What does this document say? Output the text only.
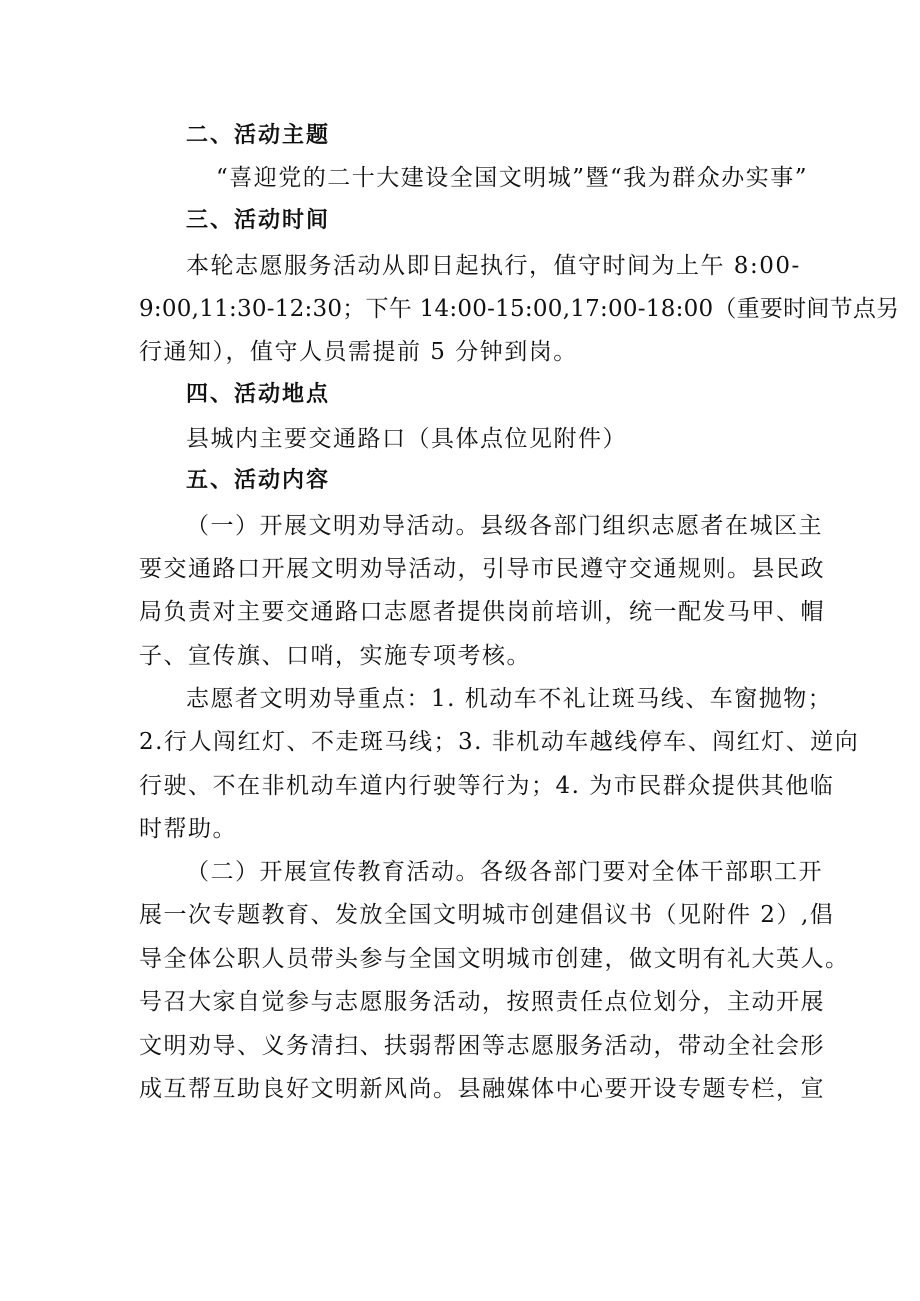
二、活动主题
“喜迎党的二十大建设全国文明城”暨“我为群众办实事”
三、活动时间
本轮志愿服务活动从即日起执行，值守时间为上午 8:00-
9:00,11:30-12:30；下午 14:00-15:00,17:00-18:00（重要时间节点另
行通知），值守人员需提前 5 分钟到岗。
四、活动地点
县城内主要交通路口（具体点位见附件）
五、活动内容
（一）开展文明劝导活动。县级各部门组织志愿者在城区主
要交通路口开展文明劝导活动，引导市民遵守交通规则。县民政
局负责对主要交通路口志愿者提供岗前培训，统一配发马甲、帽
子、宣传旗、口哨，实施专项考核。
志愿者文明劝导重点：1. 机动车不礼让斑马线、车窗抛物；
2.行人闯红灯、不走斑马线；3. 非机动车越线停车、闯红灯、逆向
行驶、不在非机动车道内行驶等行为；4. 为市民群众提供其他临
时帮助。
（二）开展宣传教育活动。各级各部门要对全体干部职工开
展一次专题教育、发放全国文明城市创建倡议书（见附件 2）,倡
导全体公职人员带头参与全国文明城市创建，做文明有礼大英人。
号召大家自觉参与志愿服务活动，按照责任点位划分，主动开展
文明劝导、义务清扫、扶弱帮困等志愿服务活动，带动全社会形
成互帮互助良好文明新风尚。县融媒体中心要开设专题专栏，宣
